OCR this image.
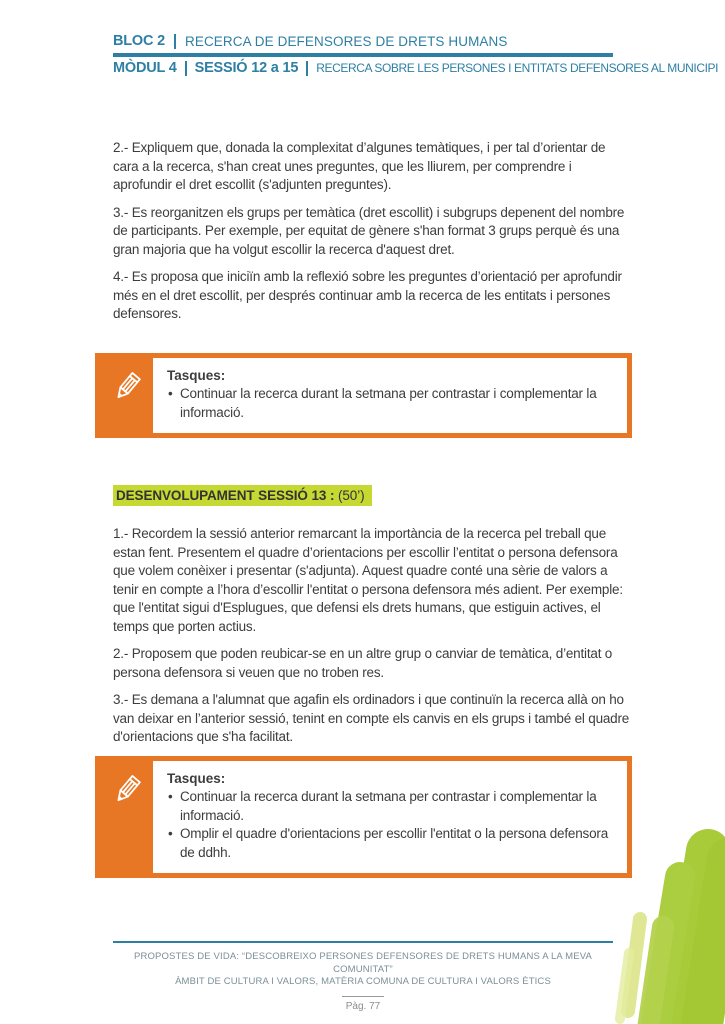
BLOC 2 RECERCA DE DEFENSORES DE DRETS HUMANS
MÒDUL 4 SESSIÓ 12 a 15 RECERCA SOBRE LES PERSONES I ENTITATS DEFENSORES AL MUNICIPI

2.- Expliquem que, donada la complexitat d’algunes temàtiques, i per tal d’orientar de cara a la recerca, s'han creat unes preguntes, que les lliurem, per comprendre i aprofundir el dret escollit (s'adjunten preguntes).

3.- Es reorganitzen els grups per temàtica (dret escollit) i subgrups depenent del nombre de participants. Per exemple, per equitat de gènere s'han format 3 grups perquè és una gran majoria que ha volgut escollir la recerca d'aquest dret.

4.- Es proposa que iniciïn amb la reflexió sobre les preguntes d’orientació per aprofundir més en el dret escollit, per després continuar amb la recerca de les entitats i persones defensores.

Tasques:
• Continuar la recerca durant la setmana per contrastar i complementar la informació.
DESENVOLUPAMENT SESSIÓ 13 : (50’)

1.- Recordem la sessió anterior remarcant la importància de la recerca pel treball que estan fent. Presentem el quadre d’orientacions per escollir l’entitat o persona defensora que volem conèixer i presentar (s'adjunta). Aquest quadre conté una sèrie de valors a tenir en compte a l’hora d’escollir l'entitat o persona defensora més adient. Per exemple: que l'entitat sigui d'Esplugues, que defensi els drets humans, que estiguin actives, el temps que porten actius.

2.- Proposem que poden reubicar-se en un altre grup o canviar de temàtica, d’entitat o persona defensora si veuen que no troben res.

3.- Es demana a l'alumnat que agafin els ordinadors i que continuïn la recerca allà on ho van deixar en l’anterior sessió, tenint en compte els canvis en els grups i també el quadre d'orientacions que s'ha facilitat.

Tasques:
• Continuar la recerca durant la setmana per contrastar i complementar la informació.
• Omplir el quadre d'orientacions per escollir l'entitat o la persona defensora de ddhh.
PROPOSTES DE VIDA: “DESCOBREIXO PERSONES DEFENSORES DE DRETS HUMANS A LA MEVA COMUNITAT”
ÀMBIT DE CULTURA I VALORS, MATÈRIA COMUNA DE CULTURA I VALORS ÈTICS
Pàg. 77
